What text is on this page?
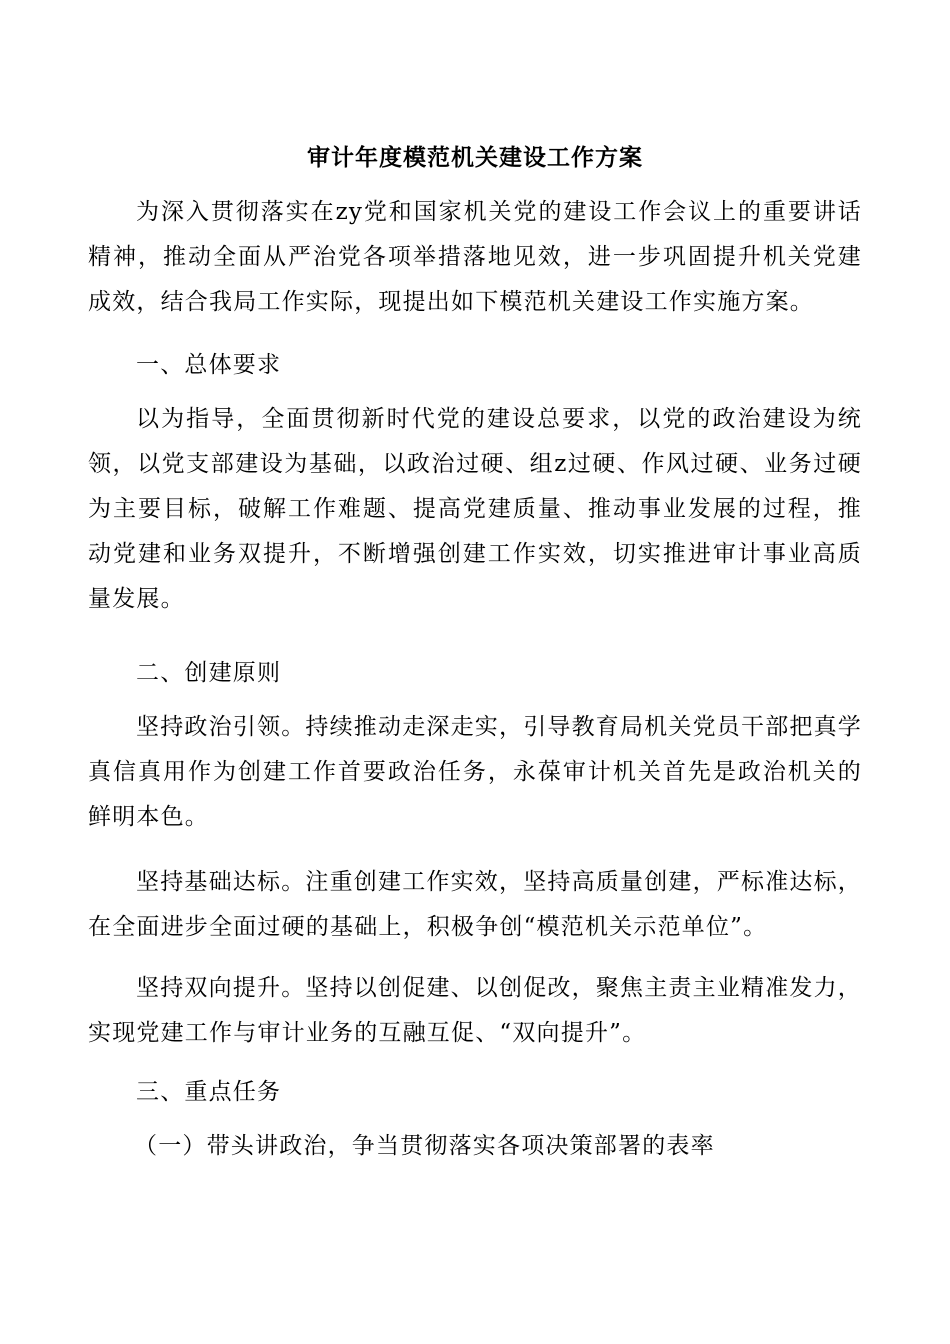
审计年度模范机关建设工作方案

为深入贯彻落实在zy党和国家机关党的建设工作会议上的重要讲话精神，推动全面从严治党各项举措落地见效，进一步巩固提升机关党建成效，结合我局工作实际，现提出如下模范机关建设工作实施方案。

一、总体要求

以为指导，全面贯彻新时代党的建设总要求，以党的政治建设为统领，以党支部建设为基础，以政治过硬、组z过硬、作风过硬、业务过硬为主要目标，破解工作难题、提高党建质量、推动事业发展的过程，推动党建和业务双提升，不断增强创建工作实效，切实推进审计事业高质量发展。

二、创建原则

坚持政治引领。持续推动走深走实，引导教育局机关党员干部把真学真信真用作为创建工作首要政治任务，永葆审计机关首先是政治机关的鲜明本色。

坚持基础达标。注重创建工作实效，坚持高质量创建，严标准达标，在全面进步全面过硬的基础上，积极争创“模范机关示范单位”。

坚持双向提升。坚持以创促建、以创促改，聚焦主责主业精准发力，实现党建工作与审计业务的互融互促、“双向提升”。

三、重点任务

（一）带头讲政治，争当贯彻落实各项决策部署的表率
